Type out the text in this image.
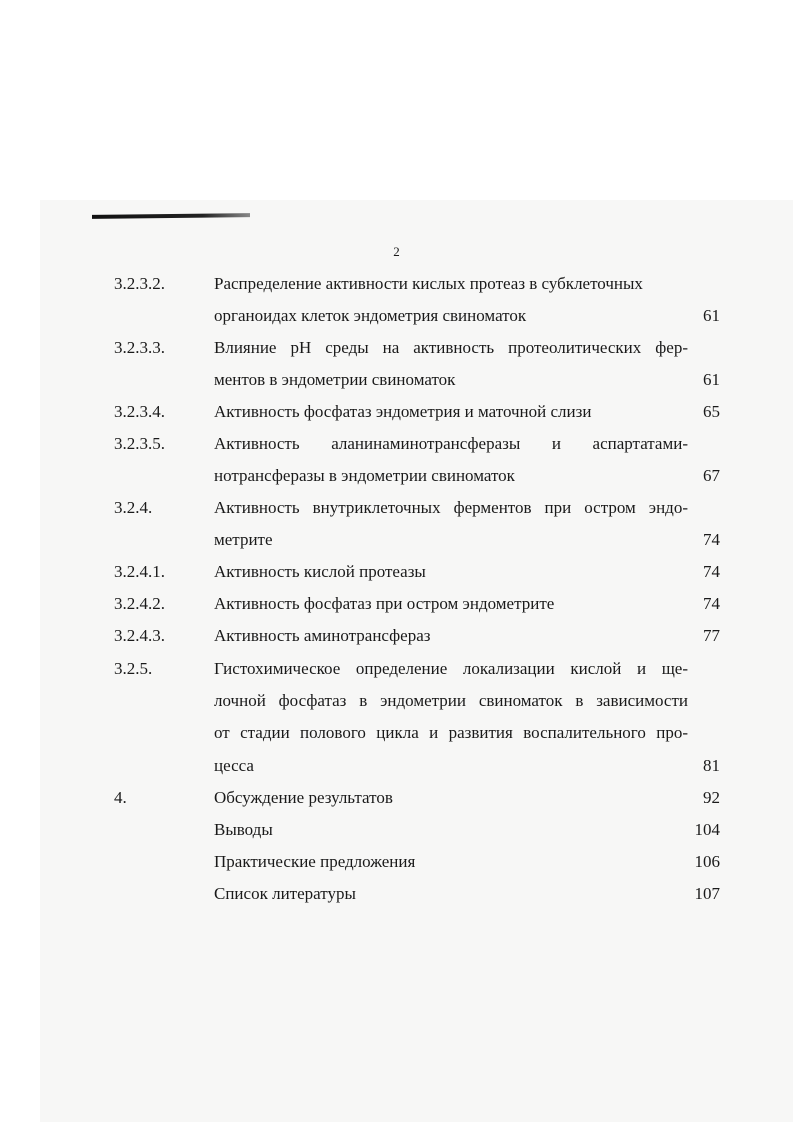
2
3.2.3.2.	Распределение активности кислых протеаз в субклеточных
органоидах клеток эндометрия свиноматок	61
3.2.3.3.	Влияние pH среды на активность протеолитических фер-
ментов в эндометрии свиноматок	61
3.2.3.4.	Активность фосфатаз эндометрия и маточной слизи	65
3.2.3.5.	Активность аланинаминотрансферазы и аспартатами-
нотрансферазы в эндометрии свиноматок	67
3.2.4.	Активность внутриклеточных ферментов при остром эндо-
метрите	74
3.2.4.1.	Активность кислой протеазы	74
3.2.4.2.	Активность фосфатаз при остром эндометрите	74
3.2.4.3.	Активность аминотрансфераз	77
3.2.5.	Гистохимическое определение локализации кислой и ще-
лочной фосфатаз в эндометрии свиноматок в зависимости
от стадии полового цикла и развития воспалительного про-
цесса	81
4.	Обсуждение результатов	92
Выводы	104
Практические предложения	106
Список литературы	107
